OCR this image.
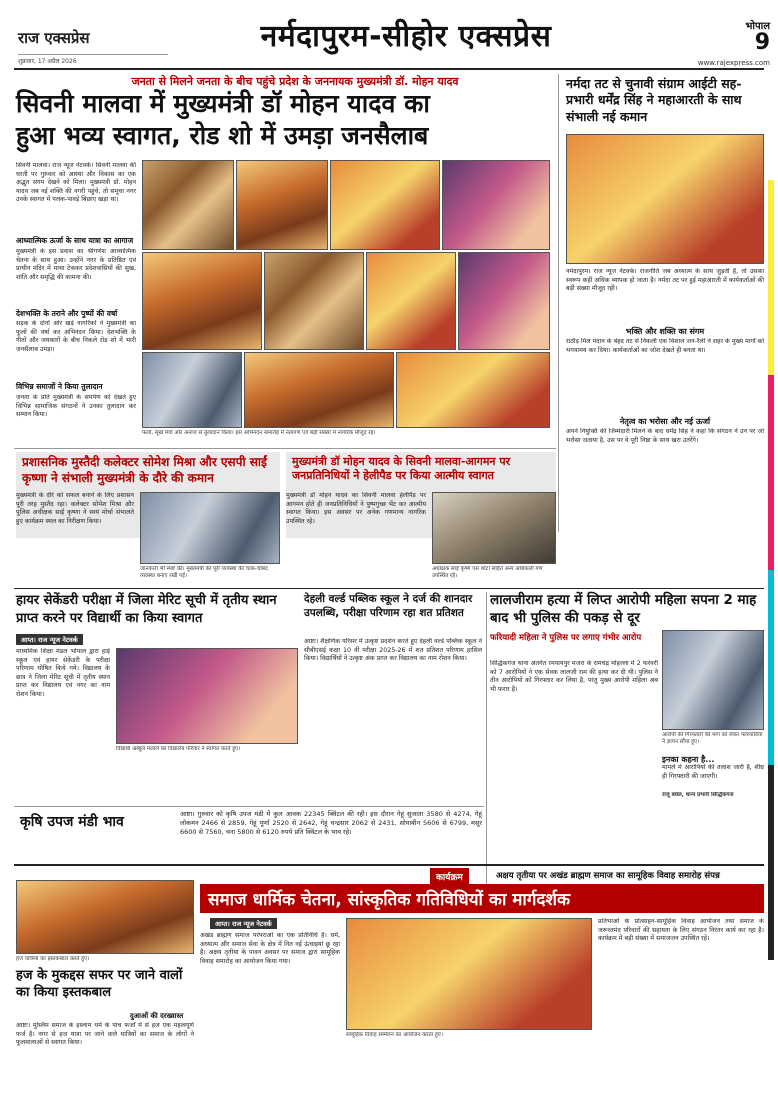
राज एक्सप्रेस
शुक्रवार, 17 अप्रैल 2026
नर्मदापुरम-सीहोर एक्सप्रेस	भोपाल
9
www.rajexpress.com
जनता से मिलने जनता के बीच पहुंचे प्रदेश के जननायक मुख्यमंत्री डॉ. मोहन यादव
सिवनी मालवा में मुख्यमंत्री डॉ मोहन यादव का
हुआ भव्य स्वागत, रोड शो में उमड़ा जनसैलाब
सिवनी मालवा। राज न्यूज नेटवर्क। सिवनी मालवा की धरती पर गुरुवार को आस्था और विकास का एक अद्भुत संगम देखने को मिला। मुख्यमंत्री डॉ. मोहन यादव जब नई शक्ति की नगरी पहुंचे, तो समूचा नगर उनके स्वागत में पलक-पावड़े बिछाए खड़ा था।
आध्यात्मिक ऊर्जा के साथ यात्रा का आगाज
मुख्यमंत्री के इस प्रवास का श्रीगणेश आध्यात्मिक चेतना के साथ हुआ। उन्होंने नगर के प्रतिष्ठित एवं प्राचीन मंदिर में माथा टेककर प्रदेशवासियों की सुख, शांति और समृद्धि की कामना की।
देशभक्ति के तराने और पुष्पों की वर्षा
सड़क के दोनों ओर खड़े नागरिकों ने मुख्यमंत्री का फूलों की वर्षा कर अभिनंदन किया। देशभक्ति के गीतों और जयकारों के बीच निकले रोड शो में भारी जनसैलाब उमड़ा।
विभिन्न समाजों ने किया तुलादान
जनता के प्रति मुख्यमंत्री के समर्पण को देखते हुए विभिन्न सामाजिक संगठनों ने उनका तुलादान कर सम्मान किया।
फलों, सूखे मेवों और अनाज से तुलादान किया। इस अभिनंदन समारोह में नेतागण एवं बड़ी संख्या में नागरिक मौजूद रहे।
नर्मदा तट से चुनावी संग्राम आईटी सह-प्रभारी धर्मेंद्र सिंह ने महाआरती के साथ संभाली नई कमान
नर्मदापुरम। राज न्यूज नेटवर्क। राजनीति जब अध्यात्म के साथ जुड़ती है, तो उसका स्वरूप कहीं अधिक व्यापक हो जाता है। नर्मदा तट पर हुई महाआरती में कार्यकर्ताओं की बड़ी संख्या मौजूद रही।
भक्ति और शक्ति का संगम
राठौड़ मिल मंदान के बेहद तट से निकली एक विशाल जन-रैली ने शहर के मुख्य मार्गों को भगवामय कर दिया। कार्यकर्ताओं का जोश देखते ही बनता था।
नेतृत्व का भरोसा और नई ऊर्जा
अपने नियुक्ति की जिम्मेदारी मिलने के बाद धर्मेंद्र सिंह ने कहा कि संगठन ने उन पर जो भरोसा जताया है, उस पर वे पूरी निष्ठा के साथ खरा उतरेंगे।
प्रशासनिक मुस्तैदी कलेक्टर सोमेश मिश्रा और एसपी साईं कृष्णा ने संभाली मुख्यमंत्री के दौरे की कमान
मुख्यमंत्री के दौरे को सफल बनाने के लिए प्रशासन पूरी तरह मुस्तैद रहा। कलेक्टर सोमेश मिश्रा और पुलिस अधीक्षक साईं कृष्णा ने स्वयं मोर्चा संभालते हुए कार्यक्रम स्थल का निरीक्षण किया।
जानकारी भी स्पष्ट की। मुख्यमंत्री की पूरी व्यवस्था की चाक-चौबंद व्यवस्था बनाए रखी गई।
मुख्यमंत्री डॉ मोहन यादव के सिवनी मालवा-आगमन पर जनप्रतिनिधियों ने हेलीपैड पर किया आत्मीय स्वागत
मुख्यमंत्री डॉ मोहन यादव का सिवनी मालवा हेलीपैड पर आगमन होते ही जनप्रतिनिधियों ने पुष्पगुच्छ भेंट कर आत्मीय स्वागत किया। इस अवसर पर अनेक गणमान्य नागरिक उपस्थित रहे।
अधीक्षक साईं कृष्ण एस थोटा सहित अन्य अधिकारी गण उपस्थित रहे।
हायर सेकेंडरी परीक्षा में जिला मेरिट सूची में तृतीय स्थान प्राप्त करने पर विद्यार्थी का किया स्वागत
आप्त। राज न्यूज नेटवर्क
माध्यमिक शिक्षा मंडल भोपाल द्वारा हाई स्कूल एवं हायर सेकेंडरी के परीक्षा परिणाम घोषित किये गये। विद्यालय के छात्र ने जिला मेरिट सूची में तृतीय स्थान प्राप्त कर विद्यालय एवं नगर का नाम रोशन किया।
विद्यार्थी अब्बुल मलाल का विद्यालय परिवार ने स्वागत करते हुए।
देहली वर्ल्ड पब्लिक स्कूल ने दर्ज की शानदार उपलब्धि, परीक्षा परिणाम रहा शत प्रतिशत
आष्टा। शैक्षणिक परिसर में उत्कृष्ट प्रदर्शन करते हुए देहली वर्ल्ड पब्लिक स्कूल ने सीबीएसई कक्षा 10 वीं परीक्षा 2025-26 में शत प्रतिशत परिणाम हासिल किया। विद्यार्थियों ने उत्कृष्ट अंक प्राप्त कर विद्यालय का नाम रोशन किया।
लालजीराम हत्या में लिप्त आरोपी महिला सपना 2 माह बाद भी पुलिस की पकड़ से दूर
फरियादी महिला ने पुलिस पर लगाए गंभीर आरोप
सिद्धिकगंज थाना अंतर्गत रमपायपुर मजरा के रामचंद्र मोहल्ला में 2 फरवरी को 7 आरोपियों ने एक सेवक लालजी राम की हत्या कर दी थी। पुलिस ने तीन आरोपियों को गिरफ्तार कर लिया है, परंतु मुख्य आरोपी महिला अब भी फरार है।
आरोपी की गिरफ्तारी की मांग को लेकर फरियादिया ने ज्ञापन सौंपा हुए।
इनका कहना है...
मामले में आरोपियों की तलाश जारी है, शीघ्र ही गिरफ्तारी की जाएगी।
राजू बघेल, थाना प्रभारी सिद्धिकगंज
कृषि उपज मंडी भाव	आष्टा। गुरुवार को कृषि उपज मंडी में कुल आवक 22345 क्विंटल की रही। इस दौरान गेहूं सुजाता 3580 से 4274, गेहूं लोकमन 2466 से 2859, गेहूं पूर्णा 2520 से 2642, गेहूं चन्द्रसार 2062 से 2431, सोयाबीन 5606 से 6799, मसूर 6600 से 7560, चना 5800 से 6120 रुपये प्रति क्विंटल के भाव रहे।
कार्यक्रम	अक्षय तृतीया पर अखंड ब्राह्मण समाज का सामूहिक विवाह समारोह संपन्न
समाज धार्मिक चेतना, सांस्कृतिक गतिविधियों का मार्गदर्शक
हज यात्रियों का इस्तकबाल करते हुए।
हज के मुकद्दस सफर पर जाने वालों का किया इस्तकबाल
दुआओं की दरख्वास्त
आष्टा। मुस्लिम समाज के इस्लाम धर्म के पांच फर्जों में से हज एक महत्वपूर्ण फर्ज है। नगर से हज यात्रा पर जाने वाले यात्रियों का समाज के लोगों ने फूलमालाओं से स्वागत किया।
आप्त। राज न्यूज नेटवर्क
अखंड ब्राह्मण समाज परंपराओं का एक प्रतिनिधि है। धर्म, अध्यात्म और समाज सेवा के क्षेत्र में नित नई ऊंचाइयां छू रहा है। अक्षय तृतीया के पावन अवसर पर समाज द्वारा सामूहिक विवाह समारोह का आयोजन किया गया।
सामूहिक विवाह सम्मेलन का आयोजन करता हुए।
प्रतिभाओं के प्रोत्साहन-सामूहिक विवाह आयोजन तथा समाज के जरूरतमंद परिवारों की सहायता के लिए संगठन निरंतर कार्य कर रहा है। कार्यक्रम में बड़ी संख्या में समाजजन उपस्थित रहे।
